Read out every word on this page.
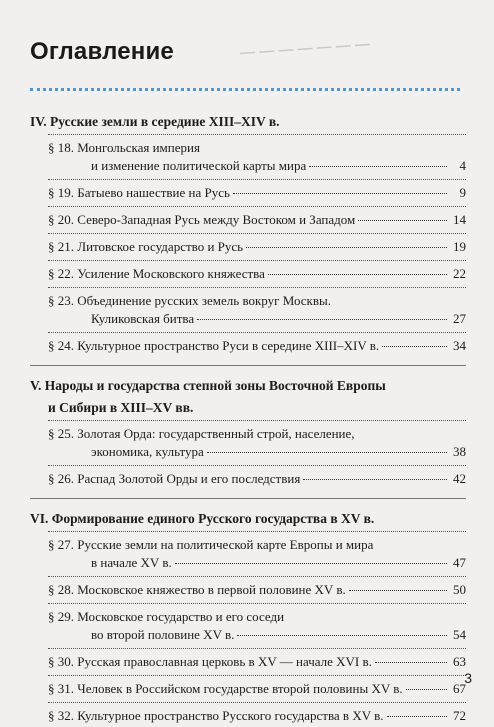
Оглавление	— — — — — — —
IV. Русские земли в середине XIII–XIV в.
§ 18.
Монгольская империя
и изменение политической карты мира	4
§ 19.
Батыево нашествие на Русь	9
§ 20.
Северо-Западная Русь между Востоком и Западом	14
§ 21.
Литовское государство и Русь	19
§ 22.
Усиление Московского княжества	22
§ 23.
Объединение русских земель вокруг Москвы.
Куликовская битва	27
§ 24.
Культурное пространство Руси в середине XIII–XIV в.	34
V. Народы и государства степной зоны Восточной Европы
и Сибири в XIII–XV вв.
§ 25.
Золотая Орда: государственный строй, население,
экономика, культура	38
§ 26.
Распад Золотой Орды и его последствия	42
VI. Формирование единого Русского государства в XV в.
§ 27.
Русские земли на политической карте Европы и мира
в начале XV в.	47
§ 28.
Московское княжество в первой половине XV в.	50
§ 29.
Московское государство и его соседи
во второй половине XV в.	54
§ 30.
Русская православная церковь в XV — начале XVI в.	63
§ 31.
Человек в Российском государстве второй половины XV в.	67
§ 32.
Культурное пространство Русского государства в XV в.	72
3
